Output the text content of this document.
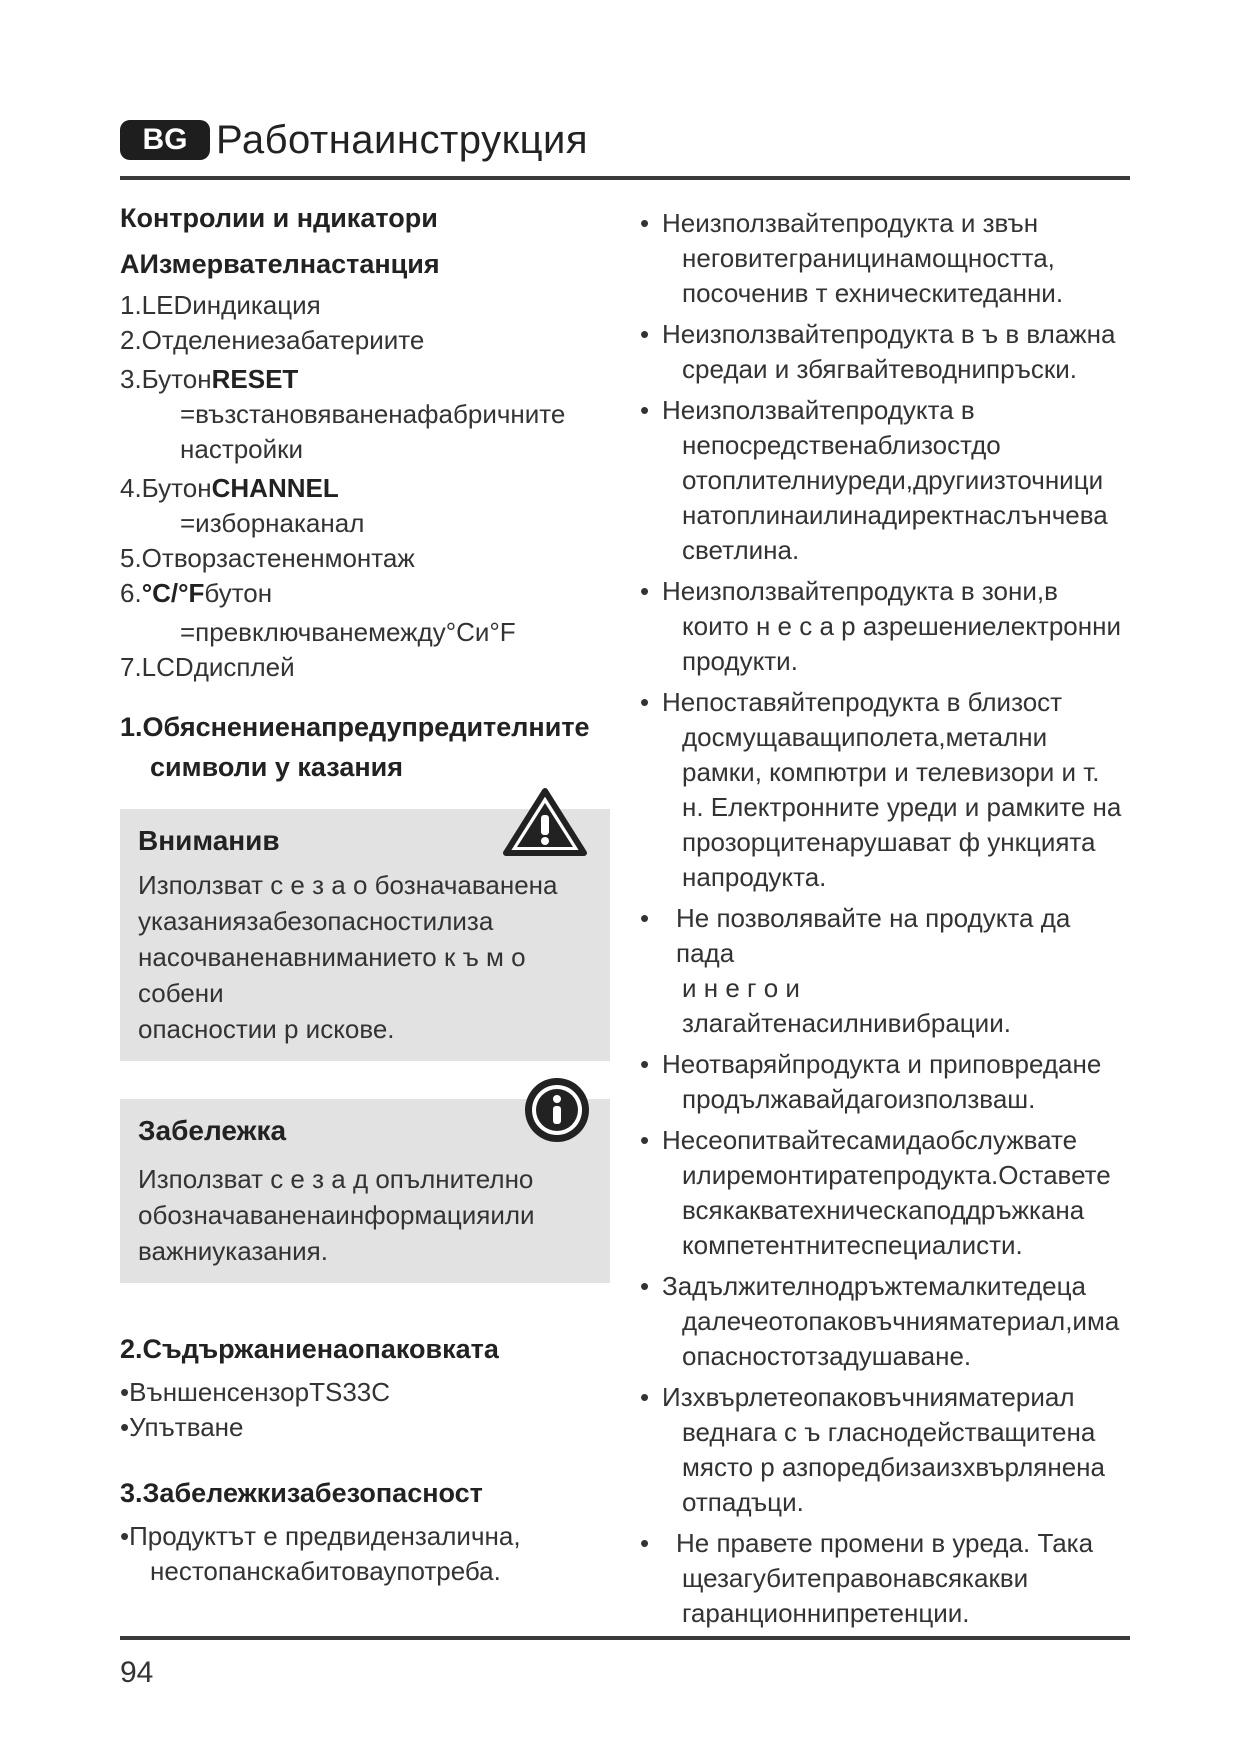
BG Работнаинструкция
Контролии и ндикатори
AИзмервателнастанция
1.LEDиндикация
2.Отделениезабатериите
3.БутонRESET
=възстановяваненафабричните
настройки
4.БутонCHANNEL
=изборнаканал
5.Отворзастененмонтаж
6.°C/°Fбутон
=превключванемежду°Cи°F
7.LCDдисплей
1.Обяснениенапредупредителните
символи у казания
Вниманив
Използват с е з а о бозначаванена
указаниязабезопасностилиза
насочваненавниманието к ъ м о собени
опасностии р искове.
Забележка
Използват с е з а д опълнително
обозначаваненаинформацияили
важниуказания.
2.Съдържаниенаопаковката
•ВъншенсензорTS33C
•Упътване
3.Забележкизабезопасност
•Продуктът е предвидензалична,
нестопанскабитоваупотреба.
• Неизползвайтепродукта и звън
неговитеграницинамощността,
посоченив т ехническитеданни.
• Неизползвайтепродукта в ъ в влажна
средаи и збягвайтеводнипръски.
• Неизползвайтепродукта в
непосредственаблизостдо
отоплителниуреди,другиизточници
натоплинаилинадиректнаслънчева
светлина.
• Неизползвайтепродукта в зони,в
които н е с а р азрешениелектронни
продукти.
• Непоставяйтепродукта в близост
досмущаващиполета,метални
рамки, компютри и телевизори и т.
н. Електронните уреди и рамките на
прозорцитенарушават ф ункцията
напродукта.
• Не позволявайте на продукта да пада
и н е г о и злагайтенасилнивибрации.
• Неотваряйпродукта и приповредане
продължавайдагоизползваш.
• Несеопитвайтесамидаобслужвате
илиремонтиратепродукта.Оставете
всякакватехническаподдръжкана
компетентнитеспециалисти.
• Задължителнодръжтемалкитедеца
далечеотопаковъчнияматериал,има
опасностотзадушаване.
• Изхвърлетеопаковъчнияматериал
веднага с ъ гласнодействащитена
място р азпоредбизаизхвърлянена
отпадъци.
• Не правете промени в уреда. Така
щезагубитеправонавсякакви
гаранционнипретенции.
94
